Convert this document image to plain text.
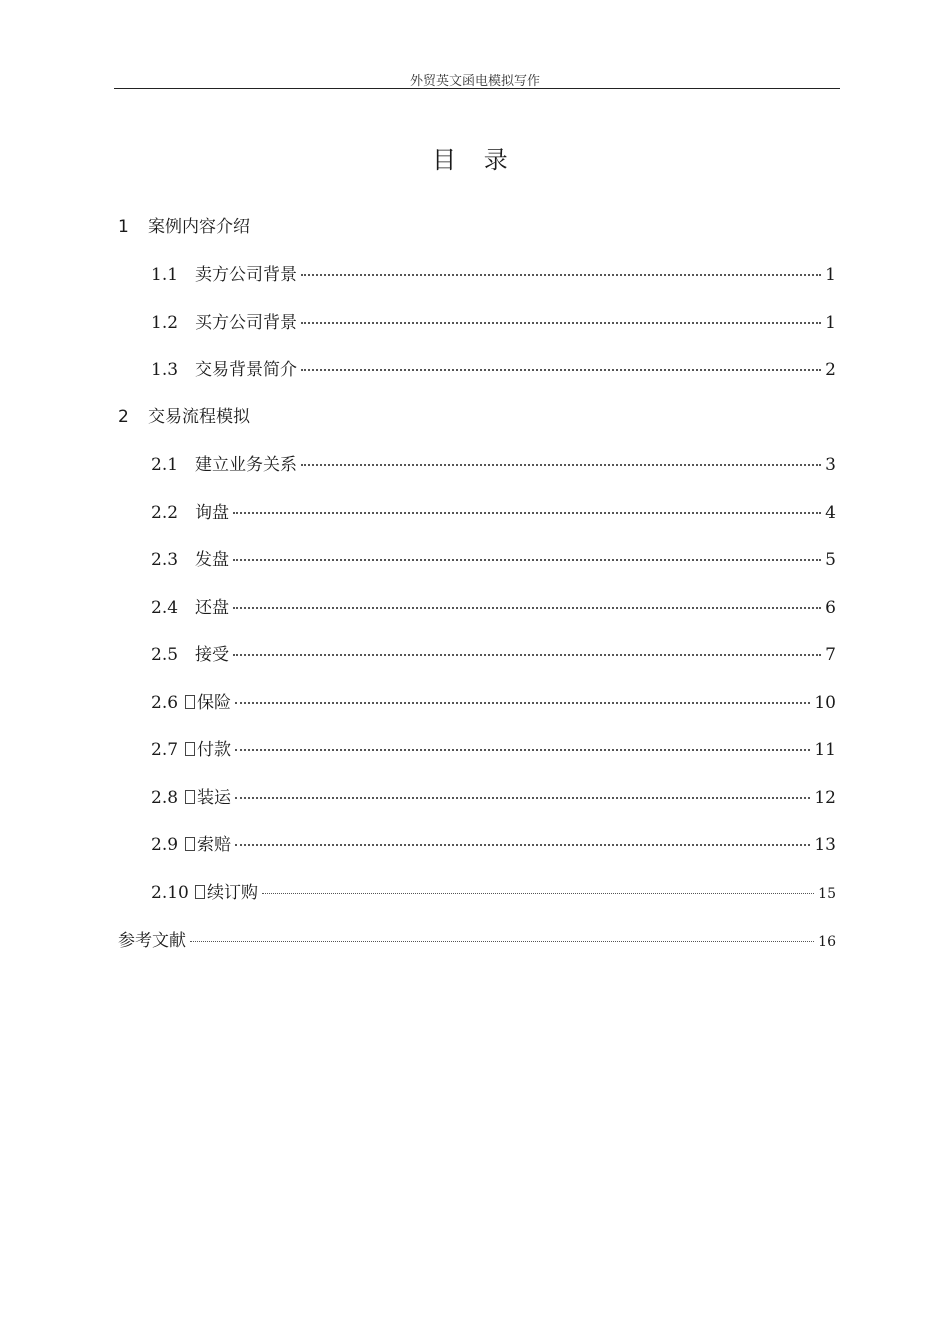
外贸英文函电模拟写作
目 录
1	案例内容介绍
1.1 卖方公司背景	1
1.2 买方公司背景	1
1.3 交易背景简介	2
2	交易流程模拟
2.1 建立业务关系	3
2.2 询盘	4
2.3 发盘	5
2.4 还盘	6
2.5 接受	7
2.6	保险	10
2.7	付款	11
2.8	装运	12
2.9	索赔	13
2.10	续订购	15
参考文献	16
